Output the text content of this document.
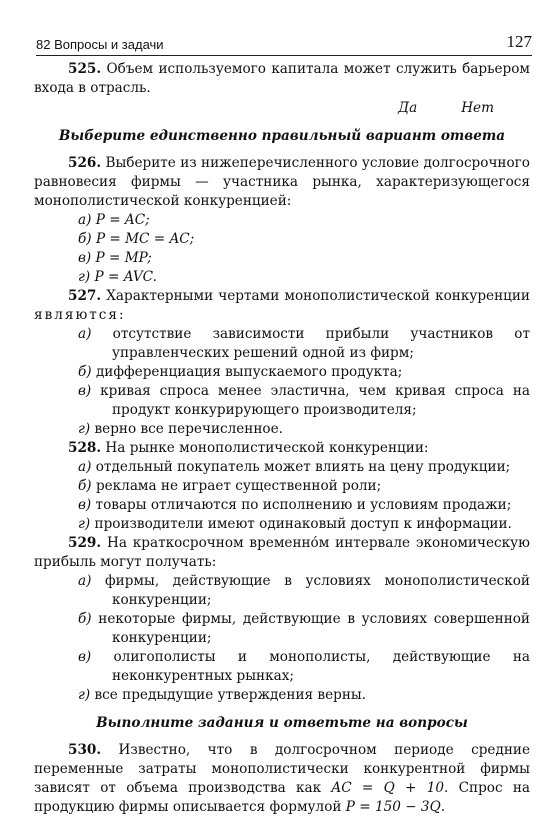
82 Вопросы и задачи	127

525. Объем используемого капитала может служить барьером входа в отрасль.

Да	Нет

Выберите единственно правильный вариант ответа

526. Выберите из нижеперечисленного условие долгосрочного равновесия фирмы — участника рынка, характеризующегося монополистической конкуренцией:

а) P = AC;

б) P = MC = AC;

в) P = MP;

г) P = AVC.

527. Характерными чертами монополистической конкуренции являются:

а) отсутствие зависимости прибыли участников от управленческих решений одной из фирм;

б) дифференциация выпускаемого продукта;

в) кривая спроса менее эластична, чем кривая спроса на продукт конкурирующего производителя;

г) верно все перечисленное.

528. На рынке монополистической конкуренции:

а) отдельный покупатель может влиять на цену продукции;

б) реклама не играет существенной роли;

в) товары отличаются по исполнению и условиям продажи;

г) производители имеют одинаковый доступ к информации.

529. На краткосрочном временно́м интервале экономическую прибыль могут получать:

а) фирмы, действующие в условиях монополистической конкуренции;

б) некоторые фирмы, действующие в условиях совершенной конкуренции;

в) олигополисты и монополисты, действующие на неконкурентных рынках;

г) все предыдущие утверждения верны.

Выполните задания и ответьте на вопросы

530. Известно, что в долгосрочном периоде средние переменные затраты монополистически конкурентной фирмы зависят от объема производства как AC = Q + 10. Спрос на продукцию фирмы описывается формулой P = 150 − 3Q.
